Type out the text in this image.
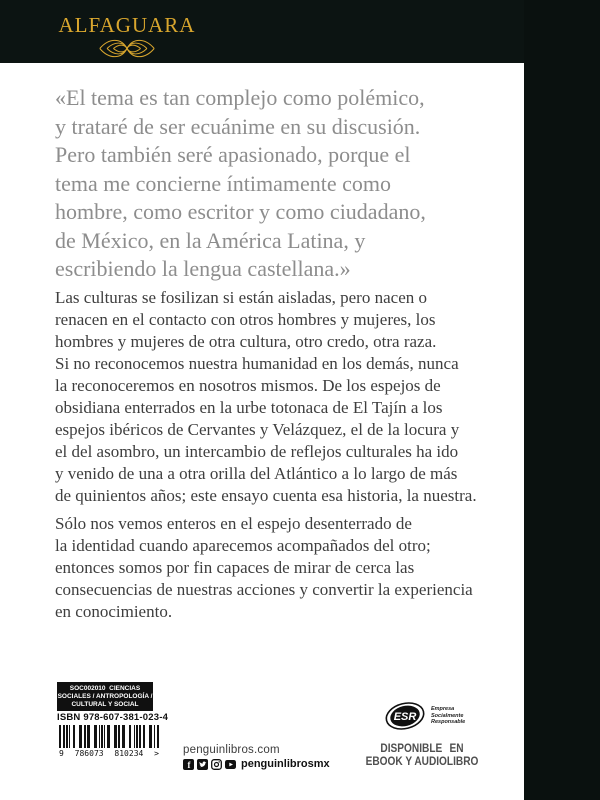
ALFAGUARA

«El tema es tan complejo como polémico,

y trataré de ser ecuánime en su discusión.

Pero también seré apasionado, porque el

tema me concierne íntimamente como

hombre, como escritor y como ciudadano,

de México, en la América Latina, y

escribiendo la lengua castellana.»

Las culturas se fosilizan si están aisladas, pero nacen o

renacen en el contacto con otros hombres y mujeres, los

hombres y mujeres de otra cultura, otro credo, otra raza.

Si no reconocemos nuestra humanidad en los demás, nunca

la reconoceremos en nosotros mismos. De los espejos de

obsidiana enterrados en la urbe totonaca de El Tajín a los

espejos ibéricos de Cervantes y Velázquez, el de la locura y

el del asombro, un intercambio de reflejos culturales ha ido

y venido de una a otra orilla del Atlántico a lo largo de más

de quinientos años; este ensayo cuenta esa historia, la nuestra.

Sólo nos vemos enteros en el espejo desenterrado de

la identidad cuando aparecemos acompañados del otro;

entonces somos por fin capaces de mirar de cerca las

consecuencias de nuestras acciones y convertir la experiencia

en conocimiento.

SOC002010  CIENCIAS
SOCIALES / ANTROPOLOGÍA /
CULTURAL Y SOCIAL
ISBN 978-607-381-023-4
9 786073 810234 > penguinlibros.com
f	penguinlibrosmx
ESR
Empresa
Socialmente
Responsable
DISPONIBLE EN
EBOOK Y AUDIOLIBRO
